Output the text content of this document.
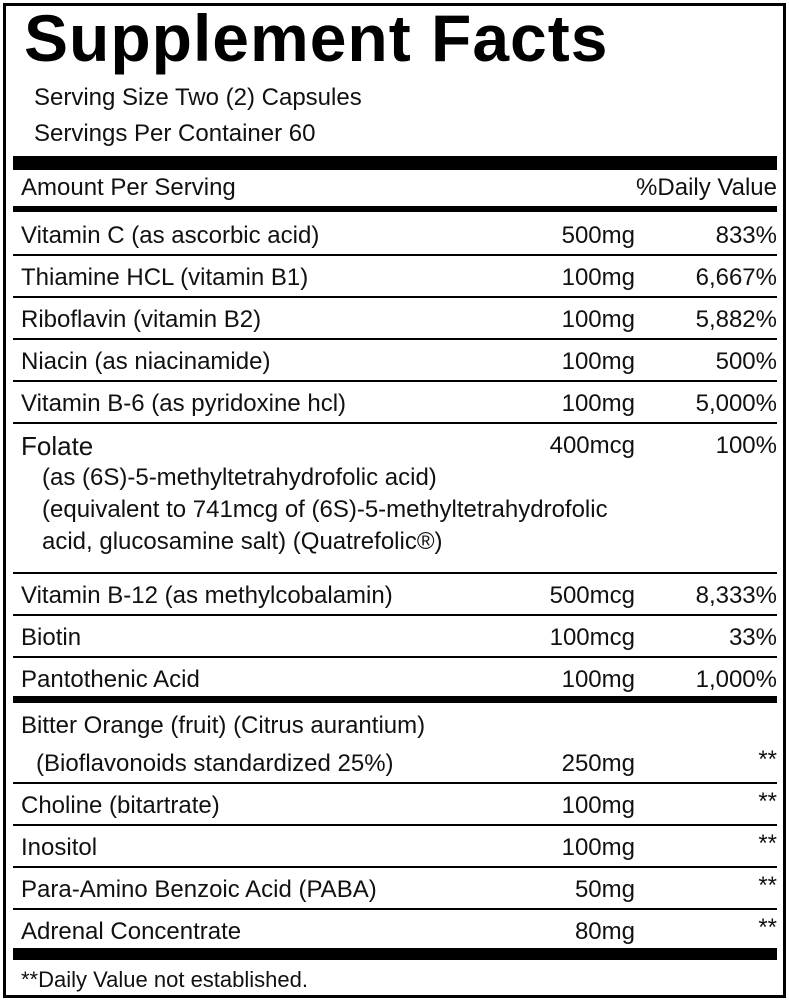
Supplement Facts
Serving Size Two (2) Capsules
Servings Per Container 60
Amount Per Serving	%Daily Value
Vitamin C (as ascorbic acid)	500mg	833%
Thiamine HCL (vitamin B1)	100mg	6,667%
Riboflavin (vitamin B2)	100mg	5,882%
Niacin (as niacinamide)	100mg	500%
Vitamin B-6 (as pyridoxine hcl)	100mg	5,000%
Folate	400mcg	100%
(as (6S)-5-methyltetrahydrofolic acid)
(equivalent to 741mcg of (6S)-5-methyltetrahydrofolic
acid, glucosamine salt) (Quatrefolic®)
Vitamin B-12 (as methylcobalamin)	500mcg	8,333%
Biotin	100mcg	33%
Pantothenic Acid	100mg	1,000%
Bitter Orange (fruit) (Citrus aurantium)
(Bioflavonoids standardized 25%)	250mg	**
Choline (bitartrate)	100mg	**
Inositol	100mg	**
Para-Amino Benzoic Acid (PABA)	50mg	**
Adrenal Concentrate	80mg	**
**Daily Value not established.
